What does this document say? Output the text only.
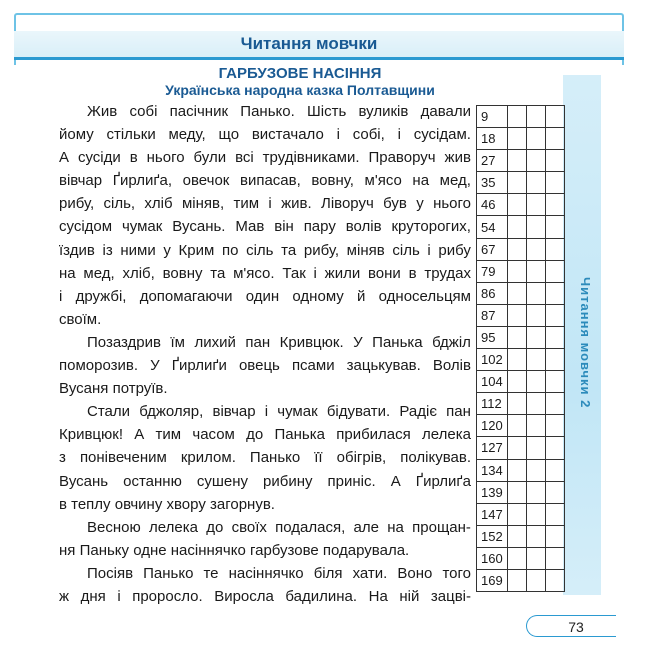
Читання мовчки
Читання мовчки 2
ГАРБУЗОВЕ НАСІННЯ
Українська народна казка Полтавщини
Жив собі пасічник Панько. Шість вуликів давали
йому стільки меду, що вистачало і собі, і сусідам.
А сусіди в нього були всі трудівниками. Праворуч жив
вівчар Ґирлиґа, овечок випасав, вовну, м'ясо на мед,
рибу, сіль, хліб міняв, тим і жив. Ліворуч був у нього
сусідом чумак Вусань. Мав він пару волів круторогих,
їздив із ними у Крим по сіль та рибу, міняв сіль і рибу
на мед, хліб, вовну та м'ясо. Так і жили вони в трудах
і дружбі, допомагаючи один одному й односельцям
своїм.
Позаздрив їм лихий пан Кривцюк. У Панька бджіл
поморозив. У Ґирлиґи овець псами зацькував. Волів
Вусаня потруїв.
Стали бджоляр, вівчар і чумак бідувати. Радіє пан
Кривцюк! А тим часом до Панька прибилася лелека
з понівеченим крилом. Панько її обігрів, полікував.
Вусань останню сушену рибину приніс. А Ґирлиґа
в теплу овчину хвору загорнув.
Весною лелека до своїх подалася, але на прощан-
ня Паньку одне насіннячко гарбузове подарувала.
Посіяв Панько те насіннячко біля хати. Воно того
ж дня і проросло. Виросла бадилина. На ній зацві-
9			
18			
27			
35			
46			
54			
67			
79			
86			
87			
95			
102			
104			
112			
120			
127			
134			
139			
147			
152			
160			
169			
73
